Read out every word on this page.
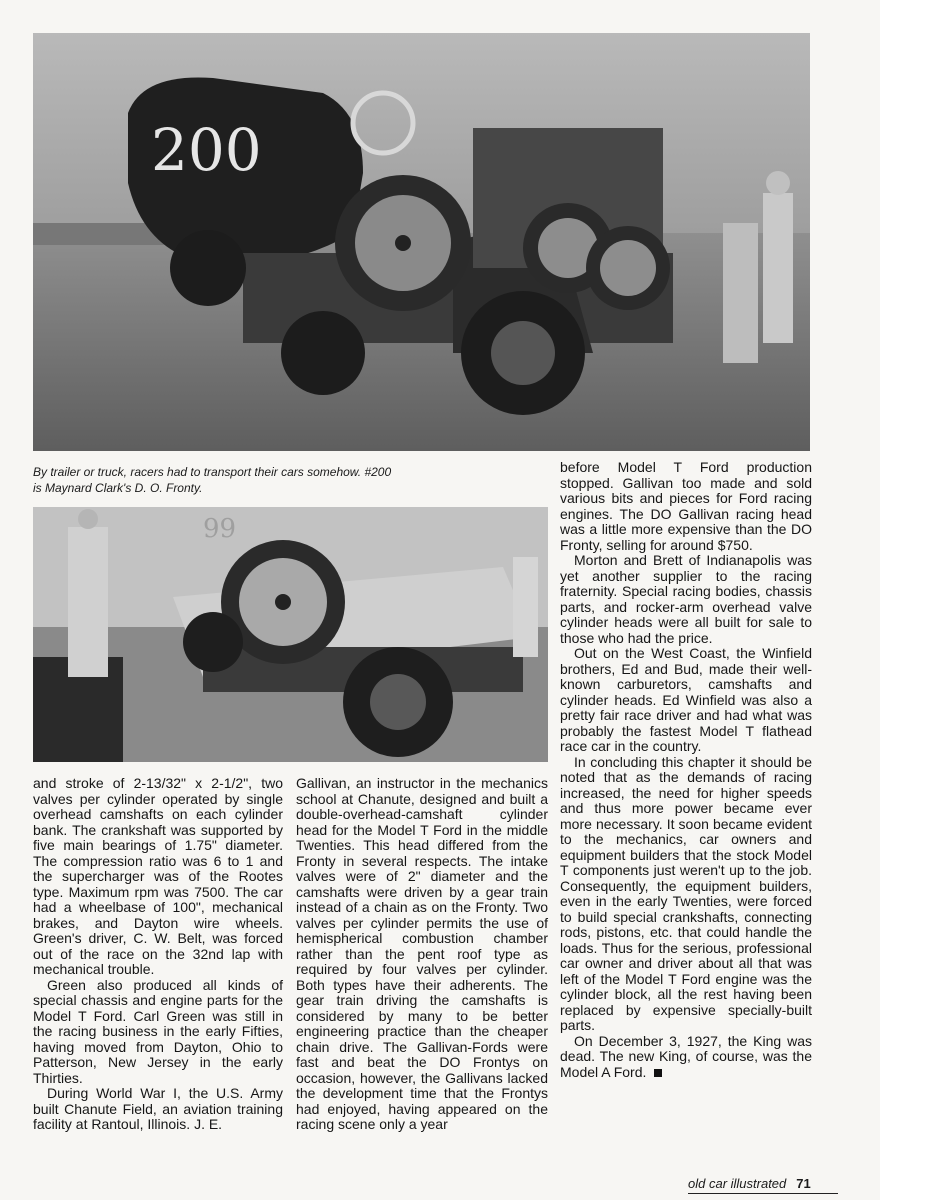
200

By trailer or truck, racers had to transport their cars somehow. #200 is Maynard Clark's D. O. Fronty.

99

before Model T Ford production stopped. Gallivan too made and sold various bits and pieces for Ford racing engines. The DO Gallivan racing head was a little more expensive than the DO Fronty, selling for around $750.

Morton and Brett of Indianapolis was yet another supplier to the racing fraternity. Special racing bodies, chassis parts, and rocker-arm overhead valve cylinder heads were all built for sale to those who had the price.

Out on the West Coast, the Winfield brothers, Ed and Bud, made their well-known carburetors, camshafts and cylinder heads. Ed Winfield was also a pretty fair race driver and had what was probably the fastest Model T flathead race car in the country.

In concluding this chapter it should be noted that as the demands of racing increased, the need for higher speeds and thus more power became ever more necessary. It soon became evident to the mechanics, car owners and equipment builders that the stock Model T components just weren't up to the job. Consequently, the equipment builders, even in the early Twenties, were forced to build special crankshafts, connecting rods, pistons, etc. that could handle the loads. Thus for the serious, professional car owner and driver about all that was left of the Model T Ford engine was the cylinder block, all the rest having been replaced by expensive specially-built parts.

On December 3, 1927, the King was dead. The new King, of course, was the Model A Ford.

and stroke of 2-13/32" x 2-1/2", two valves per cylinder operated by single overhead camshafts on each cylinder bank. The crankshaft was supported by five main bearings of 1.75" diameter. The compression ratio was 6 to 1 and the supercharger was of the Rootes type. Maximum rpm was 7500. The car had a wheelbase of 100", mechanical brakes, and Dayton wire wheels. Green's driver, C. W. Belt, was forced out of the race on the 32nd lap with mechanical trouble.

Green also produced all kinds of special chassis and engine parts for the Model T Ford. Carl Green was still in the racing business in the early Fifties, having moved from Dayton, Ohio to Patterson, New Jersey in the early Thirties.

During World War I, the U.S. Army built Chanute Field, an aviation training facility at Rantoul, Illinois. J. E.

Gallivan, an instructor in the mechanics school at Chanute, designed and built a double-overhead-camshaft cylinder head for the Model T Ford in the middle Twenties. This head differed from the Fronty in several respects. The intake valves were of 2" diameter and the camshafts were driven by a gear train instead of a chain as on the Fronty. Two valves per cylinder permits the use of hemispherical combustion chamber rather than the pent roof type as required by four valves per cylinder. Both types have their adherents. The gear train driving the camshafts is considered by many to be better engineering practice than the cheaper chain drive. The Gallivan-Fords were fast and beat the DO Frontys on occasion, however, the Gallivans lacked the development time that the Frontys had enjoyed, having appeared on the racing scene only a year

old car illustrated 71
